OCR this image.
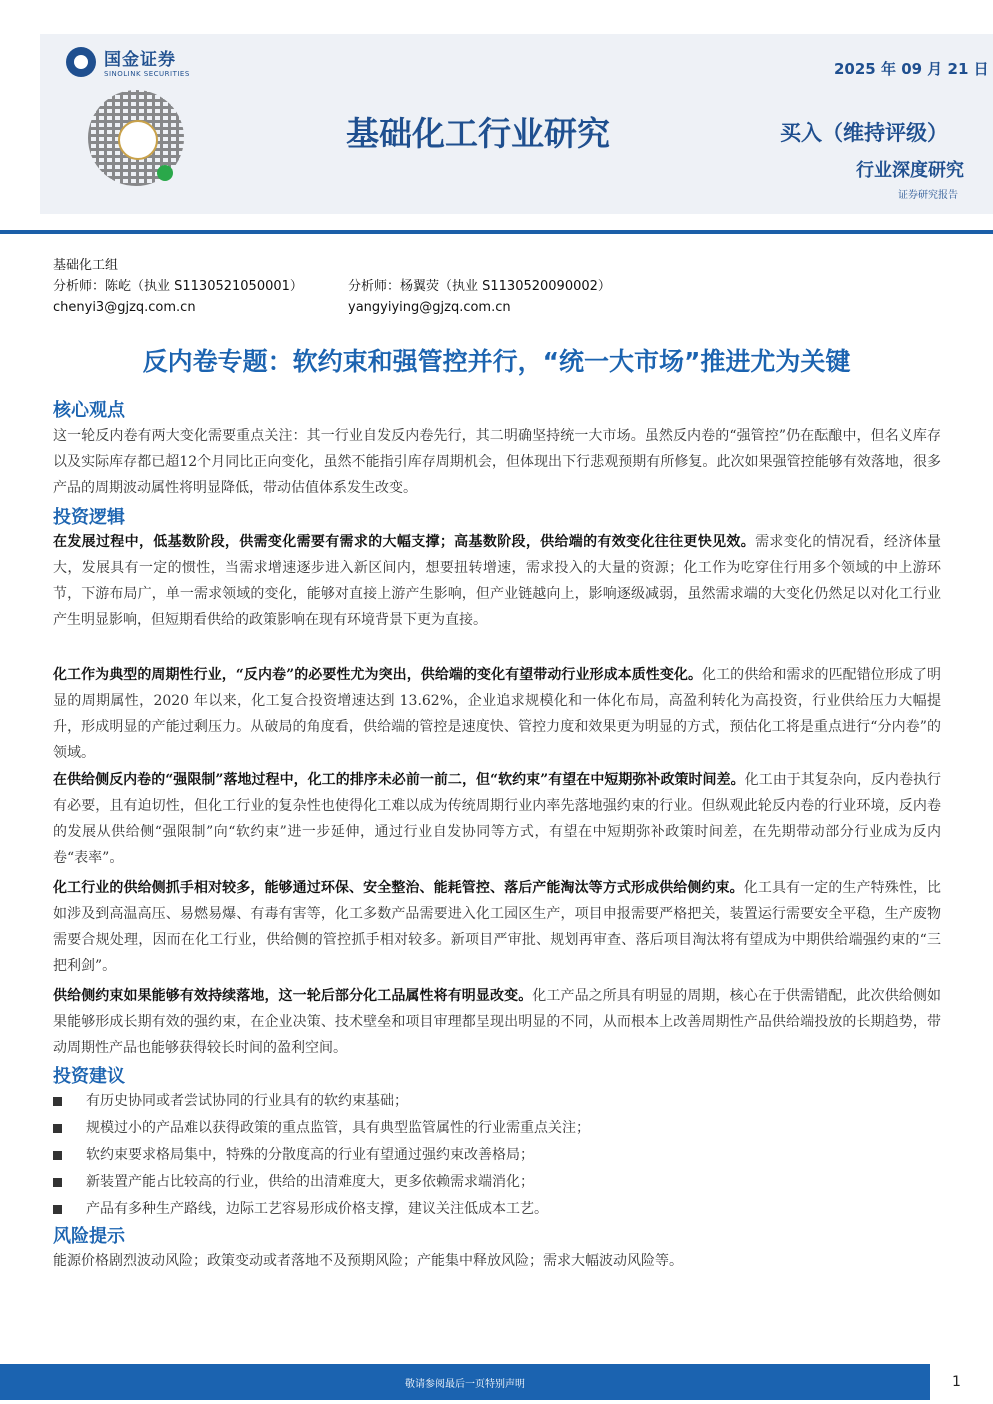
国金证券
SINOLINK SECURITIES	2025 年 09 月 21 日
基础化工行业研究	买入（维持评级）
行业深度研究
证券研究报告
基础化工组
分析师：陈屹（执业 S1130521050001）
chenyi3@gjzq.com.cn
分析师：杨翼荧（执业 S1130520090002）
yangyiying@gjzq.com.cn
反内卷专题：软约束和强管控并行，“统一大市场”推进尤为关键
核心观点
这一轮反内卷有两大变化需要重点关注：其一行业自发反内卷先行，其二明确坚持统一大市场。虽然反内卷的“强管控”仍在酝酿中，但名义库存以及实际库存都已超12个月同比正向变化，虽然不能指引库存周期机会，但体现出下行悲观预期有所修复。此次如果强管控能够有效落地，很多产品的周期波动属性将明显降低，带动估值体系发生改变。
投资逻辑
在发展过程中，低基数阶段，供需变化需要有需求的大幅支撑；高基数阶段，供给端的有效变化往往更快见效。需求变化的情况看，经济体量大，发展具有一定的惯性，当需求增速逐步进入新区间内，想要扭转增速，需求投入的大量的资源；化工作为吃穿住行用多个领域的中上游环节，下游布局广，单一需求领域的变化，能够对直接上游产生影响，但产业链越向上，影响逐级减弱，虽然需求端的大变化仍然足以对化工行业产生明显影响，但短期看供给的政策影响在现有环境背景下更为直接。
化工作为典型的周期性行业，“反内卷”的必要性尤为突出，供给端的变化有望带动行业形成本质性变化。化工的供给和需求的匹配错位形成了明显的周期属性，2020 年以来，化工复合投资增速达到 13.62%，企业追求规模化和一体化布局，高盈利转化为高投资，行业供给压力大幅提升，形成明显的产能过剩压力。从破局的角度看，供给端的管控是速度快、管控力度和效果更为明显的方式，预估化工将是重点进行“分内卷”的领域。
在供给侧反内卷的“强限制”落地过程中，化工的排序未必前一前二，但“软约束”有望在中短期弥补政策时间差。化工由于其复杂向，反内卷执行有必要，且有迫切性，但化工行业的复杂性也使得化工难以成为传统周期行业内率先落地强约束的行业。但纵观此轮反内卷的行业环境，反内卷的发展从供给侧“强限制”向“软约束”进一步延伸，通过行业自发协同等方式，有望在中短期弥补政策时间差，在先期带动部分行业成为反内卷“表率”。
化工行业的供给侧抓手相对较多，能够通过环保、安全整治、能耗管控、落后产能淘汰等方式形成供给侧约束。化工具有一定的生产特殊性，比如涉及到高温高压、易燃易爆、有毒有害等，化工多数产品需要进入化工园区生产，项目申报需要严格把关，装置运行需要安全平稳，生产废物需要合规处理，因而在化工行业，供给侧的管控抓手相对较多。新项目严审批、规划再审查、落后项目淘汰将有望成为中期供给端强约束的“三把利剑”。
供给侧约束如果能够有效持续落地，这一轮后部分化工品属性将有明显改变。化工产品之所具有明显的周期，核心在于供需错配，此次供给侧如果能够形成长期有效的强约束，在企业决策、技术壁垒和项目审理都呈现出明显的不同，从而根本上改善周期性产品供给端投放的长期趋势，带动周期性产品也能够获得较长时间的盈利空间。
投资建议
有历史协同或者尝试协同的行业具有的软约束基础；
规模过小的产品难以获得政策的重点监管，具有典型监管属性的行业需重点关注；
软约束要求格局集中，特殊的分散度高的行业有望通过强约束改善格局；
新装置产能占比较高的行业，供给的出清难度大，更多依赖需求端消化；
产品有多种生产路线，边际工艺容易形成价格支撑，建议关注低成本工艺。
风险提示
能源价格剧烈波动风险；政策变动或者落地不及预期风险；产能集中释放风险；需求大幅波动风险等。
敬请参阅最后一页特别声明	1
